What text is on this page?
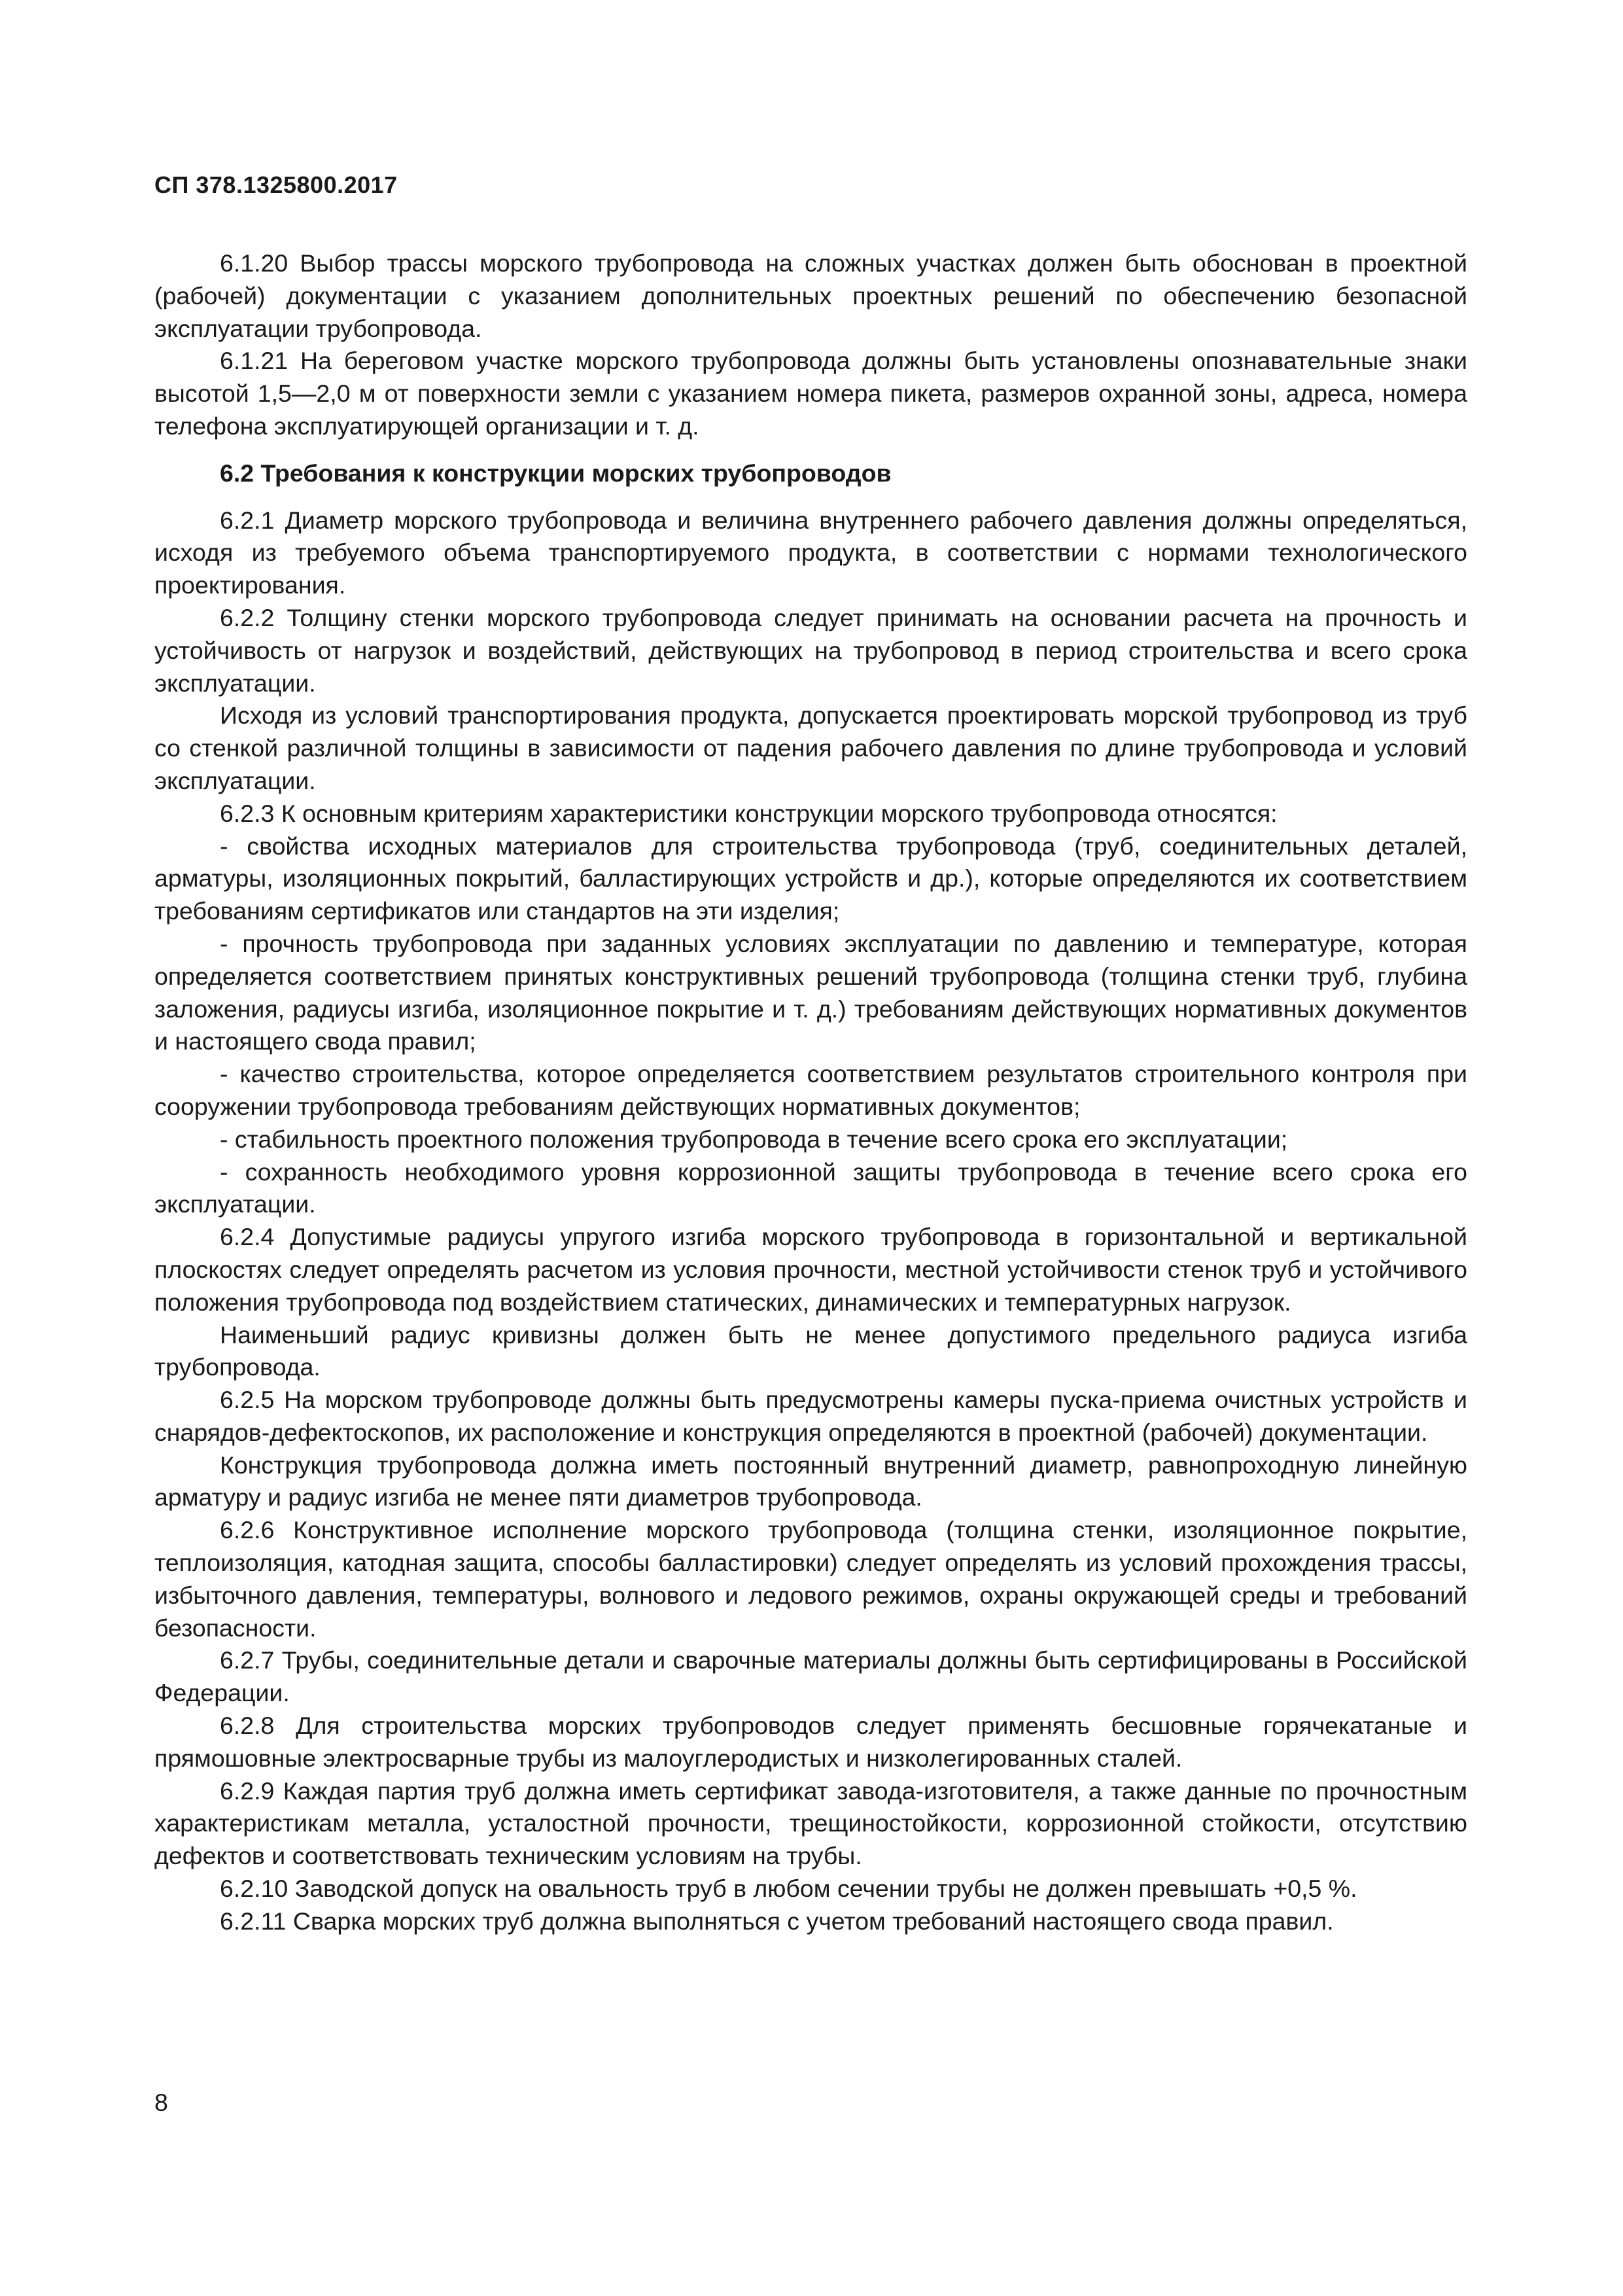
СП 378.1325800.2017

6.1.20 Выбор трассы морского трубопровода на сложных участках должен быть обоснован в проектной (рабочей) документации с указанием дополнительных проектных решений по обеспечению безопасной эксплуатации трубопровода.

6.1.21 На береговом участке морского трубопровода должны быть установлены опознавательные знаки высотой 1,5—2,0 м от поверхности земли с указанием номера пикета, размеров охранной зоны, адреса, номера телефона эксплуатирующей организации и т. д.

6.2 Требования к конструкции морских трубопроводов

6.2.1 Диаметр морского трубопровода и величина внутреннего рабочего давления должны определяться, исходя из требуемого объема транспортируемого продукта, в соответствии с нормами технологического проектирования.

6.2.2 Толщину стенки морского трубопровода следует принимать на основании расчета на прочность и устойчивость от нагрузок и воздействий, действующих на трубопровод в период строительства и всего срока эксплуатации.

Исходя из условий транспортирования продукта, допускается проектировать морской трубопровод из труб со стенкой различной толщины в зависимости от падения рабочего давления по длине трубопровода и условий эксплуатации.

6.2.3 К основным критериям характеристики конструкции морского трубопровода относятся:

- свойства исходных материалов для строительства трубопровода (труб, соединительных деталей, арматуры, изоляционных покрытий, балластирующих устройств и др.), которые определяются их соответствием требованиям сертификатов или стандартов на эти изделия;

- прочность трубопровода при заданных условиях эксплуатации по давлению и температуре, которая определяется соответствием принятых конструктивных решений трубопровода (толщина стенки труб, глубина заложения, радиусы изгиба, изоляционное покрытие и т. д.) требованиям действующих нормативных документов и настоящего свода правил;

- качество строительства, которое определяется соответствием результатов строительного контроля при сооружении трубопровода требованиям действующих нормативных документов;

- стабильность проектного положения трубопровода в течение всего срока его эксплуатации;

- сохранность необходимого уровня коррозионной защиты трубопровода в течение всего срока его эксплуатации.

6.2.4 Допустимые радиусы упругого изгиба морского трубопровода в горизонтальной и вертикальной плоскостях следует определять расчетом из условия прочности, местной устойчивости стенок труб и устойчивого положения трубопровода под воздействием статических, динамических и температурных нагрузок.

Наименьший радиус кривизны должен быть не менее допустимого предельного радиуса изгиба трубопровода.

6.2.5 На морском трубопроводе должны быть предусмотрены камеры пуска-приема очистных устройств и снарядов-дефектоскопов, их расположение и конструкция определяются в проектной (рабочей) документации.

Конструкция трубопровода должна иметь постоянный внутренний диаметр, равнопроходную линейную арматуру и радиус изгиба не менее пяти диаметров трубопровода.

6.2.6 Конструктивное исполнение морского трубопровода (толщина стенки, изоляционное покрытие, теплоизоляция, катодная защита, способы балластировки) следует определять из условий прохождения трассы, избыточного давления, температуры, волнового и ледового режимов, охраны окружающей среды и требований безопасности.

6.2.7 Трубы, соединительные детали и сварочные материалы должны быть сертифицированы в Российской Федерации.

6.2.8 Для строительства морских трубопроводов следует применять бесшовные горячекатаные и прямошовные электросварные трубы из малоуглеродистых и низколегированных сталей.

6.2.9 Каждая партия труб должна иметь сертификат завода-изготовителя, а также данные по прочностным характеристикам металла, усталостной прочности, трещиностойкости, коррозионной стойкости, отсутствию дефектов и соответствовать техническим условиям на трубы.

6.2.10 Заводской допуск на овальность труб в любом сечении трубы не должен превышать +0,5 %.

6.2.11 Сварка морских труб должна выполняться с учетом требований настоящего свода правил.

8
